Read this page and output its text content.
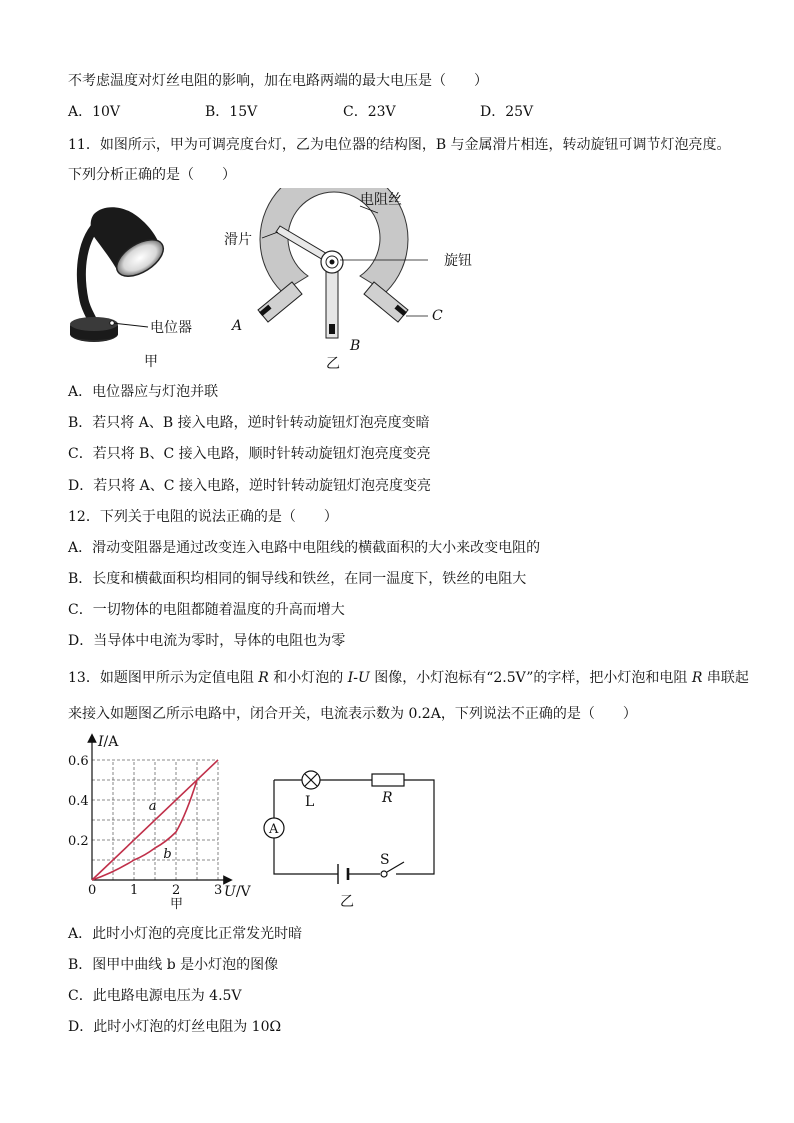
不考虑温度对灯丝电阻的影响，加在电路两端的最大电压是（　　）
A．10V	B．15V	C．23V	D．25V
11．如图所示，甲为可调亮度台灯，乙为电位器的结构图，B 与金属滑片相连，转动旋钮可调节灯泡亮度。
下列分析正确的是（　　）
电位器
甲
电阻丝
滑片
旋钮
A
B
C
乙
A．电位器应与灯泡并联
B．若只将 A、B 接入电路，逆时针转动旋钮灯泡亮度变暗
C．若只将 B、C 接入电路，顺时针转动旋钮灯泡亮度变亮
D．若只将 A、C 接入电路，逆时针转动旋钮灯泡亮度变亮
12．下列关于电阻的说法正确的是（　　）
A．滑动变阻器是通过改变连入电路中电阻线的横截面积的大小来改变电阻的
B．长度和横截面积均相同的铜导线和铁丝，在同一温度下，铁丝的电阻大
C．一切物体的电阻都随着温度的升高而增大
D．当导体中电流为零时，导体的电阻也为零
13．如题图甲所示为定值电阻 R 和小灯泡的 I-U 图像，小灯泡标有“2.5V”的字样，把小灯泡和电阻 R 串联起
来接入如题图乙所示电路中，闭合开关，电流表示数为 0.2A，下列说法不正确的是（　　）
a
b
0	1	2	3
0.2
0.4
0.6
I/A
U/V
甲
L	R
A
S
乙
A．此时小灯泡的亮度比正常发光时暗
B．图甲中曲线 b 是小灯泡的图像
C．此电路电源电压为 4.5V
D．此时小灯泡的灯丝电阻为 10Ω
